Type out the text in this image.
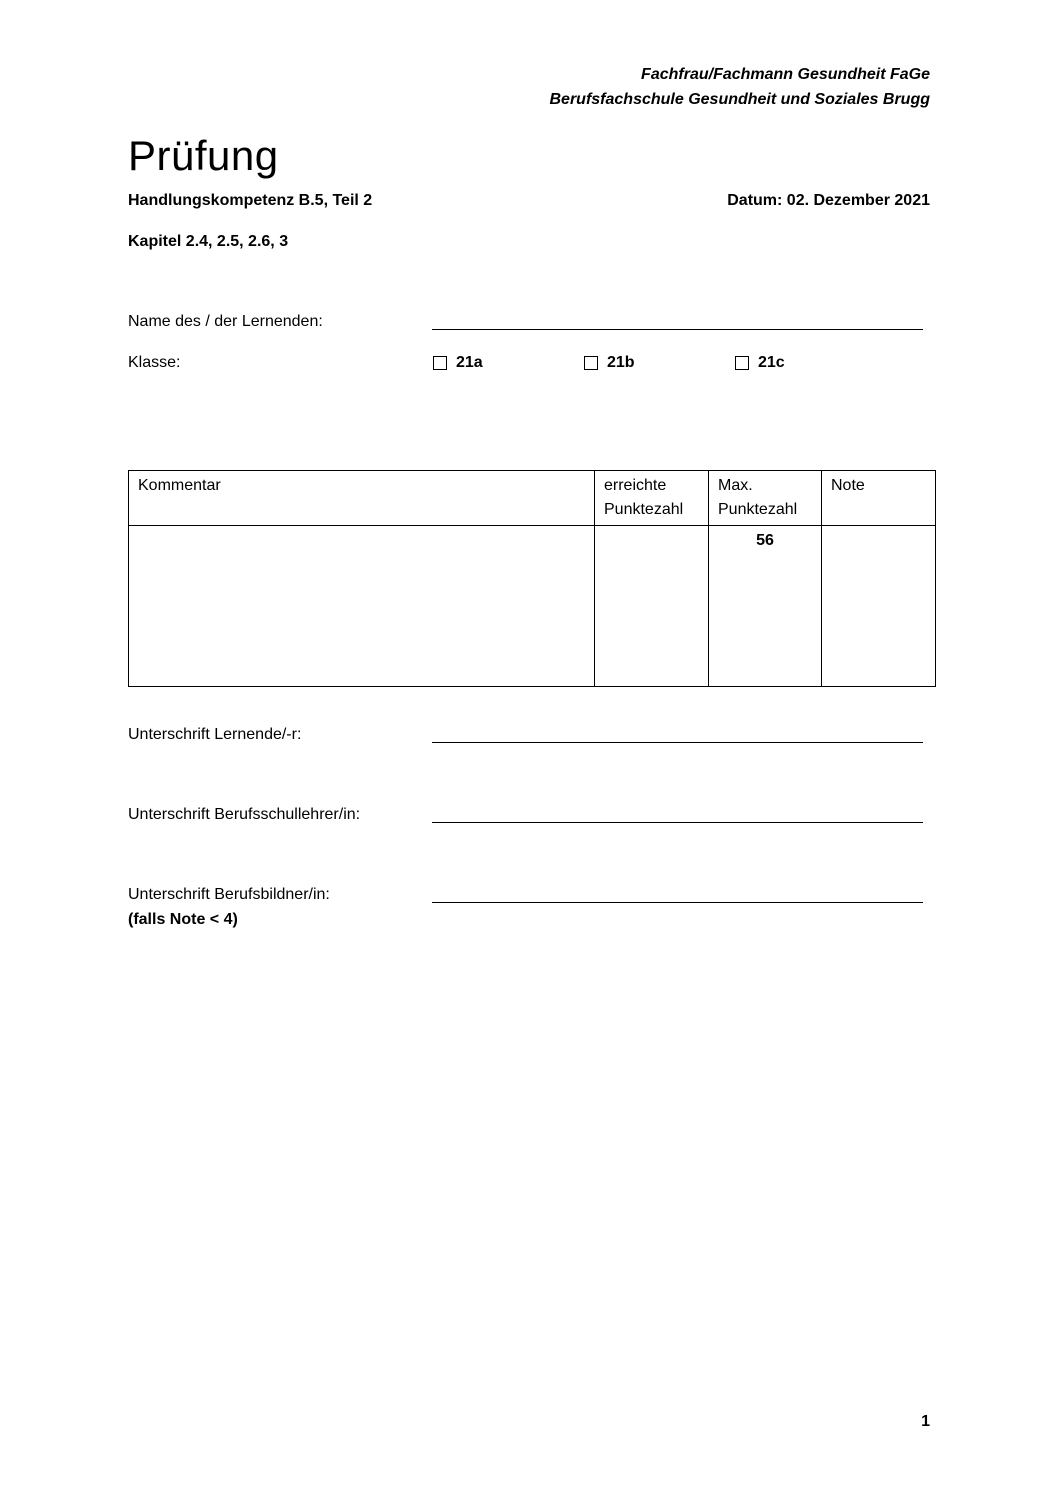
Fachfrau/Fachmann Gesundheit FaGe
Berufsfachschule Gesundheit und Soziales Brugg
Prüfung
Handlungskompetenz B.5, Teil 2	Datum: 02. Dezember 2021
Kapitel 2.4, 2.5, 2.6, 3
Name des / der Lernenden:
Klasse:	21a	21b	21c
Kommentar	erreichte Punktezahl	Max. Punktezahl	Note

		56	

Unterschrift Lernende/-r:
Unterschrift Berufsschullehrer/in:
Unterschrift Berufsbildner/in:
(falls Note < 4)
1
